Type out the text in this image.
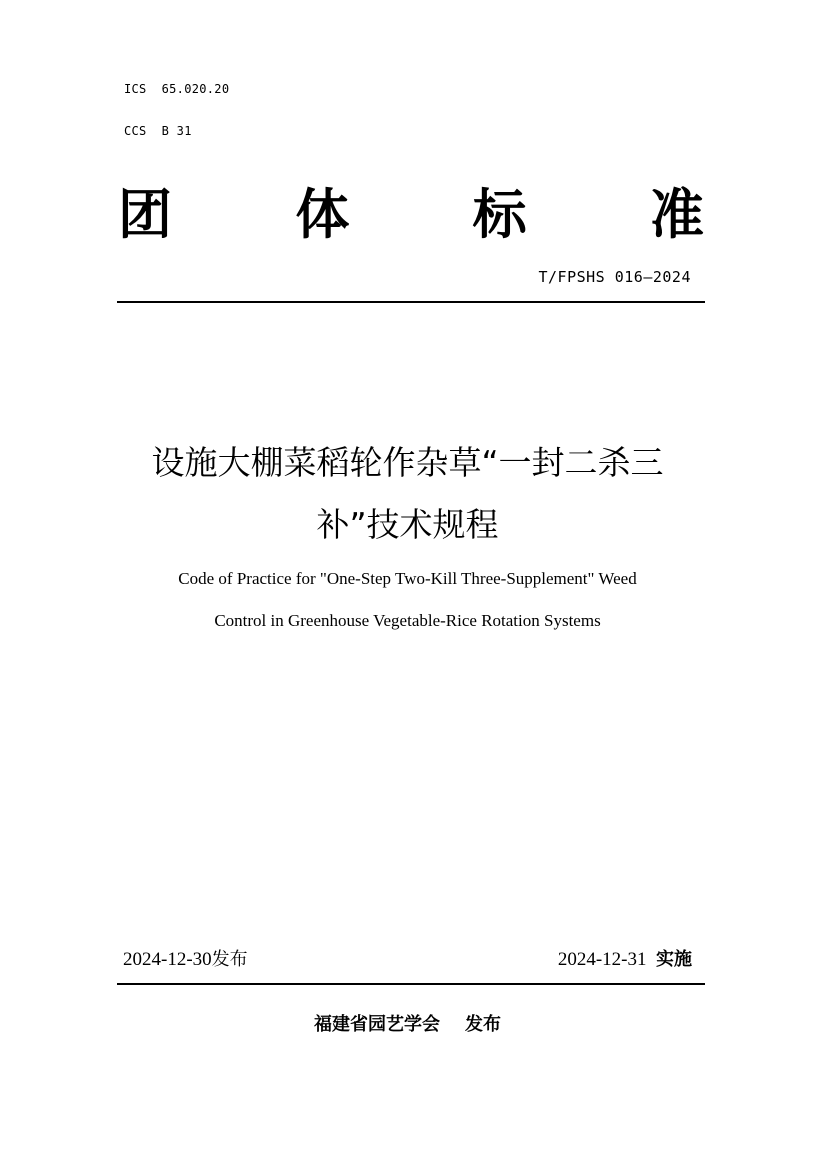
ICS  65.020.20
CCS  B 31
团 体 标 准
T/FPSHS 016—2024
设施大棚菜稻轮作杂草“一封二杀三
补”技术规程
Code of Practice for "One-Step Two-Kill Three-Supplement" Weed
Control in Greenhouse Vegetable-Rice Rotation Systems
2024-12-30发布	2024-12-31 实施
福建省园艺学会 发布
